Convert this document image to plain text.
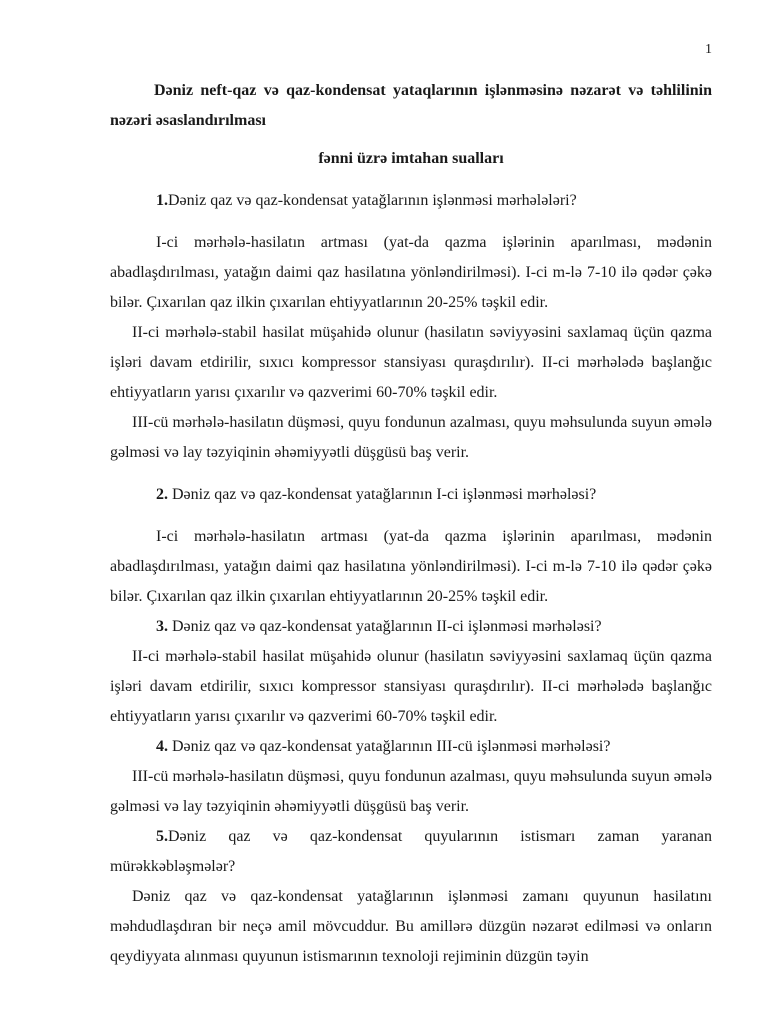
1

Dəniz neft-qaz və qaz-kondensat yataqlarının işlənməsinə nəzarət və təhlilinin nəzəri əsaslandırılması

fənni üzrə imtahan sualları

1.Dəniz qaz və qaz-kondensat yatağlarının işlənməsi mərhələləri?

I-ci mərhələ-hasilatın artması (yat-da qazma işlərinin aparılması, mədənin abadlaşdırılması, yatağın daimi qaz hasilatına yönləndirilməsi). I-ci m-lə 7-10 ilə qədər çəkə bilər. Çıxarılan qaz ilkin çıxarılan ehtiyyatlarının 20-25% təşkil edir.

II-ci mərhələ-stabil hasilat müşahidə olunur (hasilatın səviyyəsini saxlamaq üçün qazma işləri davam etdirilir, sıxıcı kompressor stansiyası quraşdırılır). II-ci mərhələdə başlanğıc ehtiyyatların yarısı çıxarılır və qazverimi 60-70% təşkil edir.

III-cü mərhələ-hasilatın düşməsi, quyu fondunun azalması, quyu məhsulunda suyun əmələ gəlməsi və lay təzyiqinin əhəmiyyətli düşgüsü baş verir.

2. Dəniz qaz və qaz-kondensat yatağlarının I-ci işlənməsi mərhələsi?

I-ci mərhələ-hasilatın artması (yat-da qazma işlərinin aparılması, mədənin abadlaşdırılması, yatağın daimi qaz hasilatına yönləndirilməsi). I-ci m-lə 7-10 ilə qədər çəkə bilər. Çıxarılan qaz ilkin çıxarılan ehtiyyatlarının 20-25% təşkil edir.

3. Dəniz qaz və qaz-kondensat yatağlarının II-ci işlənməsi mərhələsi?

II-ci mərhələ-stabil hasilat müşahidə olunur (hasilatın səviyyəsini saxlamaq üçün qazma işləri davam etdirilir, sıxıcı kompressor stansiyası quraşdırılır). II-ci mərhələdə başlanğıc ehtiyyatların yarısı çıxarılır və qazverimi 60-70% təşkil edir.

4. Dəniz qaz və qaz-kondensat yatağlarının III-cü işlənməsi mərhələsi?

III-cü mərhələ-hasilatın düşməsi, quyu fondunun azalması, quyu məhsulunda suyun əmələ gəlməsi və lay təzyiqinin əhəmiyyətli düşgüsü baş verir.

5.Dəniz qaz və qaz-kondensat quyularının istismarı zaman yaranan mürəkkəbləşmələr?

Dəniz qaz və qaz-kondensat yatağlarının işlənməsi zamanı quyunun hasilatını məhdudlaşdıran bir neçə amil mövcuddur. Bu amillərə düzgün nəzarət edilməsi və onların qeydiyyata alınması quyunun istismarının texnoloji rejiminin düzgün təyin
